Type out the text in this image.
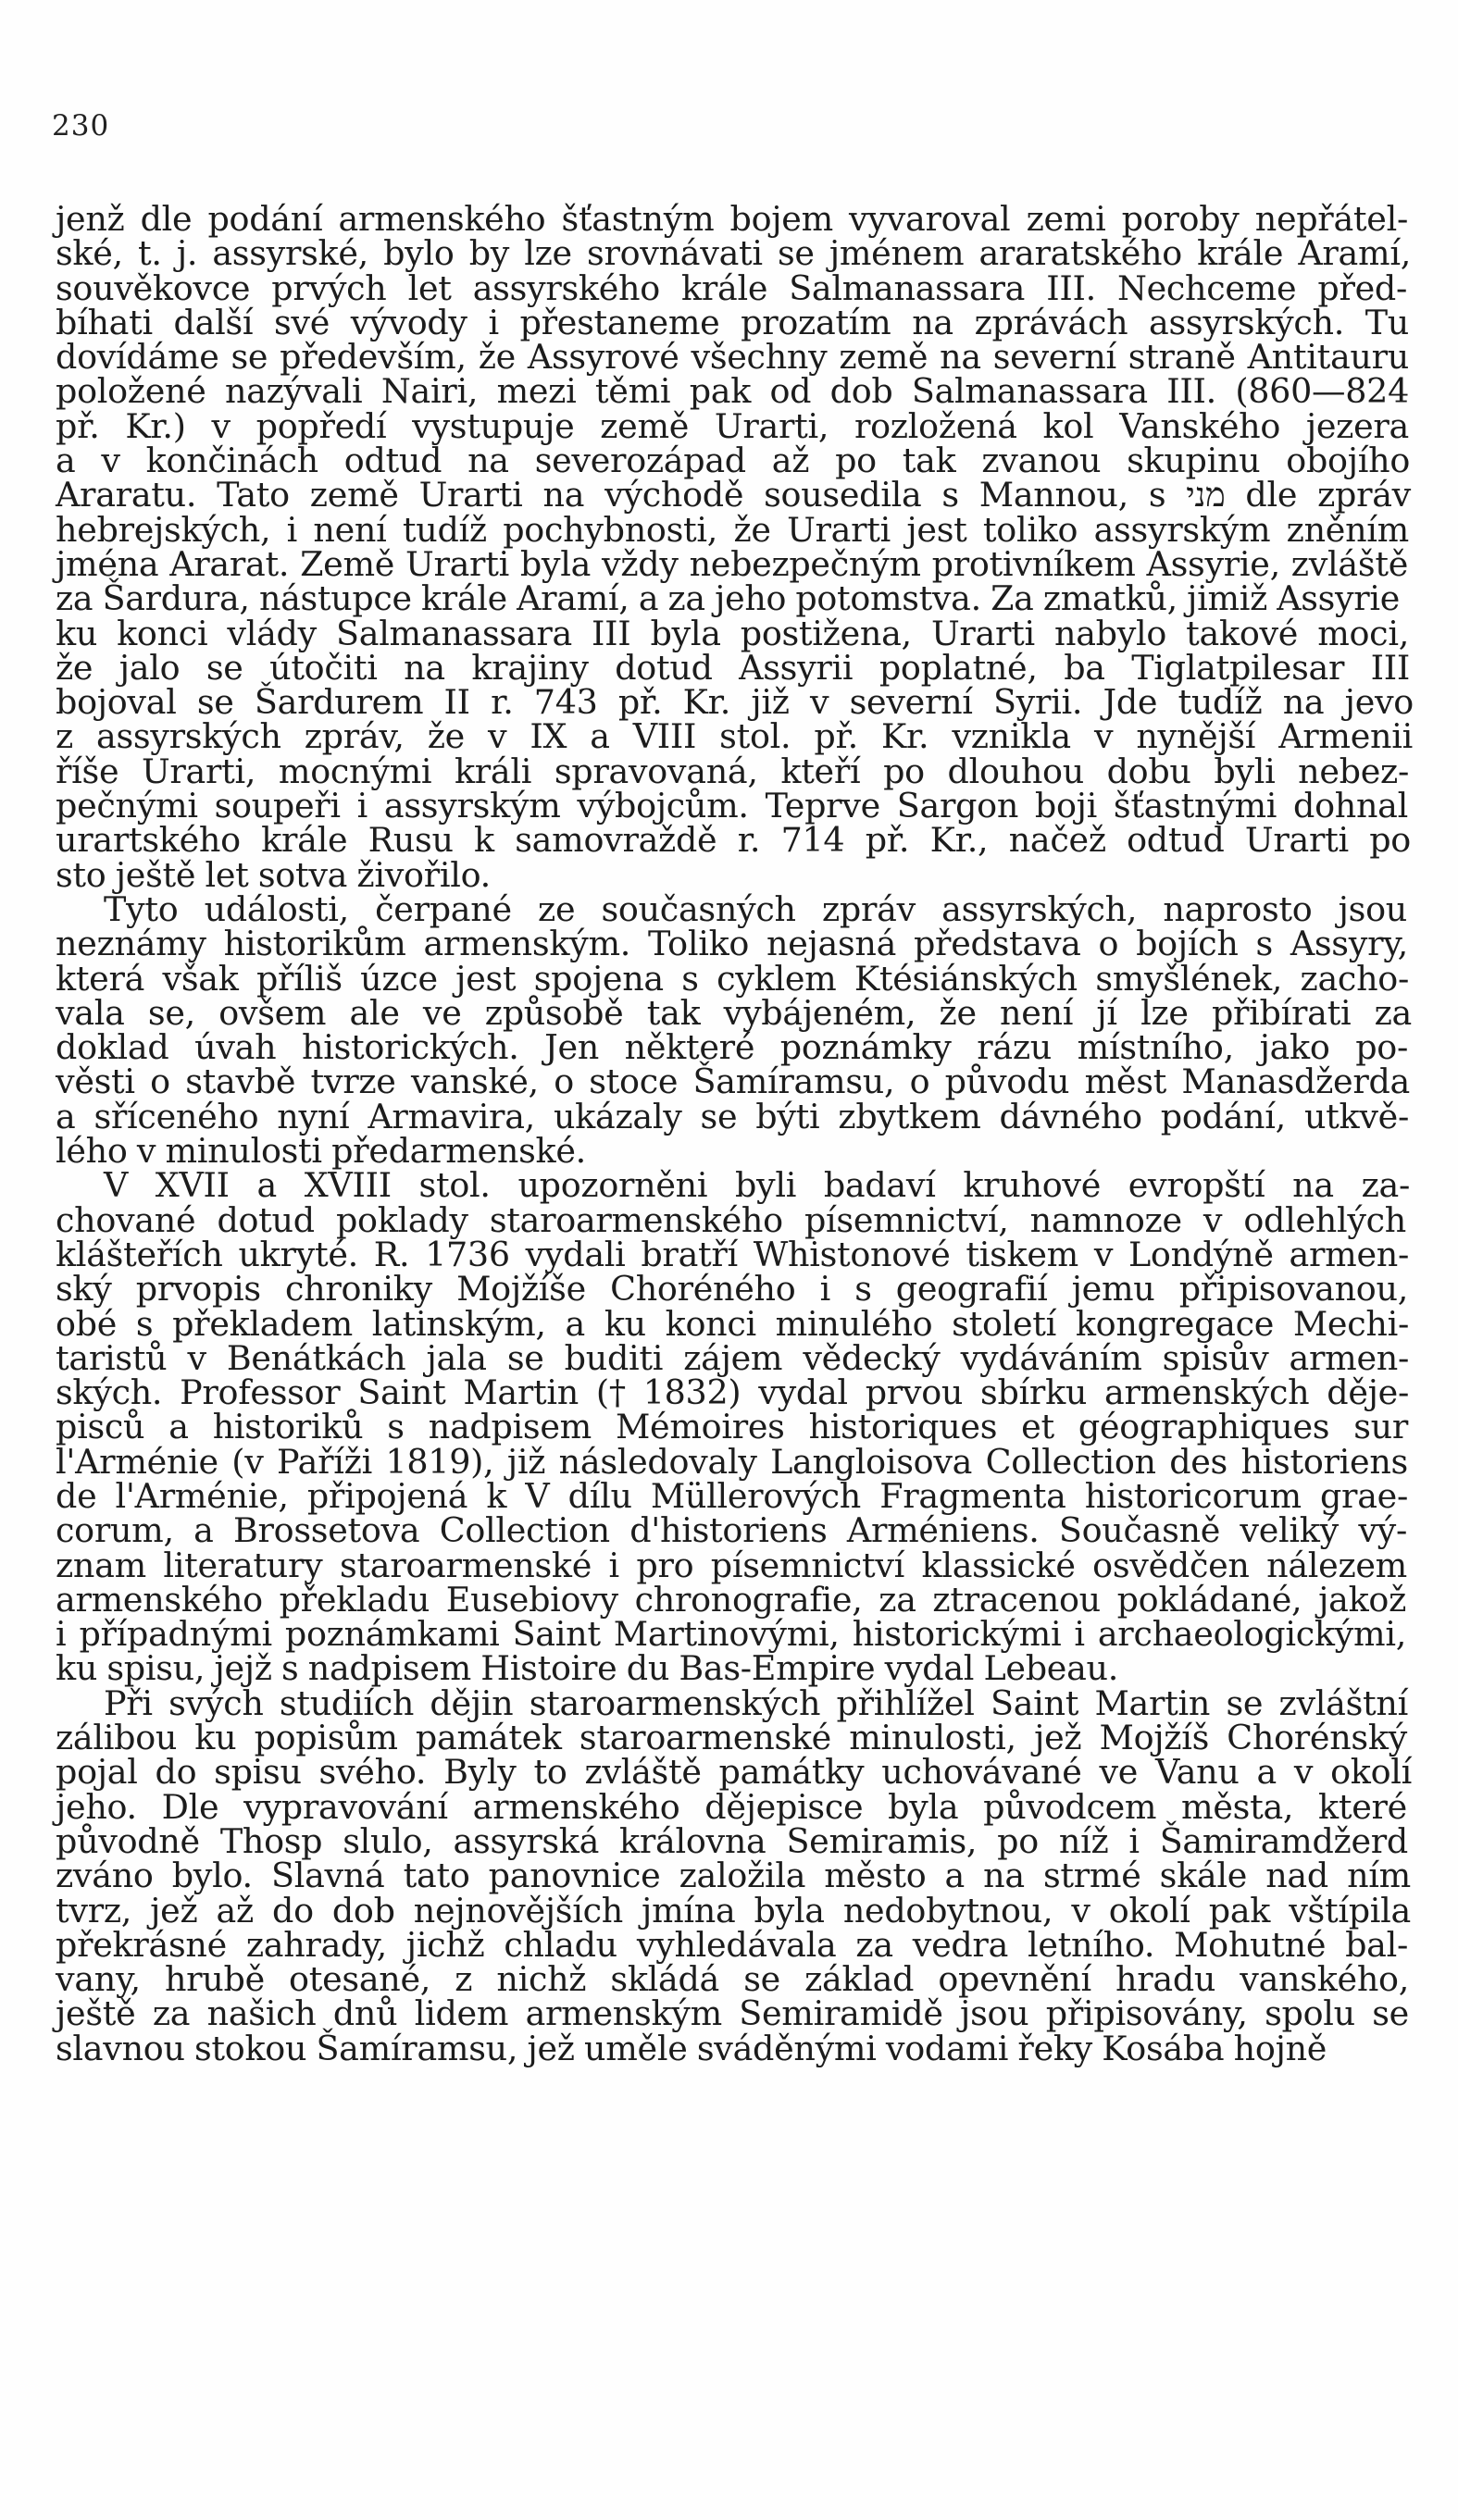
230
jenž dle podání armenského šťastným bojem vyvaroval zemi poroby nepřátel-
ské, t. j. assyrské, bylo by lze srovnávati se jménem araratského krále Aramí,
souvěkovce prvých let assyrského krále Salmanassara III. Nechceme před-
bíhati další své vývody i přestaneme prozatím na zprávách assyrských. Tu
dovídáme se především, že Assyrové všechny země na severní straně Antitauru
položené nazývali Nairi, mezi těmi pak od dob Salmanassara III. (860—824
př. Kr.) v popředí vystupuje země Urarti, rozložená kol Vanského jezera
a v končinách odtud na severozápad až po tak zvanou skupinu obojího
Araratu. Tato země Urarti na východě sousedila s Mannou, s מני dle zpráv
hebrejských, i není tudíž pochybnosti, že Urarti jest toliko assyrským zněním
jména Ararat. Země Urarti byla vždy nebezpečným protivníkem Assyrie, zvláště
za Šardura, nástupce krále Aramí, a za jeho potomstva. Za zmatků, jimiž Assyrie
ku konci vlády Salmanassara III byla postižena, Urarti nabylo takové moci,
že jalo se útočiti na krajiny dotud Assyrii poplatné, ba Tiglatpilesar III
bojoval se Šardurem II r. 743 př. Kr. již v severní Syrii. Jde tudíž na jevo
z assyrských zpráv, že v IX a VIII stol. př. Kr. vznikla v nynější Armenii
říše Urarti, mocnými králi spravovaná, kteří po dlouhou dobu byli nebez-
pečnými soupeři i assyrským výbojcům. Teprve Sargon boji šťastnými dohnal
urartského krále Rusu k samovraždě r. 714 př. Kr., načež odtud Urarti po
sto ještě let sotva živořilo.
Tyto události, čerpané ze současných zpráv assyrských, naprosto jsou
neznámy historikům armenským. Toliko nejasná představa o bojích s Assyry,
která však příliš úzce jest spojena s cyklem Ktésiánských smyšlének, zacho-
vala se, ovšem ale ve způsobě tak vybájeném, že není jí lze přibírati za
doklad úvah historických. Jen některé poznámky rázu místního, jako po-
věsti o stavbě tvrze vanské, o stoce Šamíramsu, o původu měst Manasdžerda
a sříceného nyní Armavira, ukázaly se býti zbytkem dávného podání, utkvě-
lého v minulosti předarmenské.
V XVII a XVIII stol. upozorněni byli badaví kruhové evropští na za-
chované dotud poklady staroarmenského písemnictví, namnoze v odlehlých
klášteřích ukryté. R. 1736 vydali bratří Whistonové tiskem v Londýně armen-
ský prvopis chroniky Mojžíše Choréného i s geografií jemu připisovanou,
obé s překladem latinským, a ku konci minulého století kongregace Mechi-
taristů v Benátkách jala se buditi zájem vědecký vydáváním spisův armen-
ských. Professor Saint Martin († 1832) vydal prvou sbírku armenských děje-
pisců a historiků s nadpisem Mémoires historiques et géographiques sur
l'Arménie (v Paříži 1819), již následovaly Langloisova Collection des historiens
de l'Arménie, připojená k V dílu Müllerových Fragmenta historicorum grae-
corum, a Brossetova Collection d'historiens Arméniens. Současně veliký vý-
znam literatury staroarmenské i pro písemnictví klassické osvědčen nálezem
armenského překladu Eusebiovy chronografie, za ztracenou pokládané, jakož
i případnými poznámkami Saint Martinovými, historickými i archaeologickými,
ku spisu, jejž s nadpisem Histoire du Bas-Empire vydal Lebeau.
Při svých studiích dějin staroarmenských přihlížel Saint Martin se zvláštní
zálibou ku popisům památek staroarmenské minulosti, jež Mojžíš Chorénský
pojal do spisu svého. Byly to zvláště památky uchovávané ve Vanu a v okolí
jeho. Dle vypravování armenského dějepisce byla původcem města, které
původně Thosp slulo, assyrská královna Semiramis, po níž i Šamiramdžerd
zváno bylo. Slavná tato panovnice založila město a na strmé skále nad ním
tvrz, jež až do dob nejnovějších jmína byla nedobytnou, v okolí pak vštípila
překrásné zahrady, jichž chladu vyhledávala za vedra letního. Mohutné bal-
vany, hrubě otesané, z nichž skládá se základ opevnění hradu vanského,
ještě za našich dnů lidem armenským Semiramidě jsou připisovány, spolu se
slavnou stokou Šamíramsu, jež uměle sváděnými vodami řeky Kosába hojně
